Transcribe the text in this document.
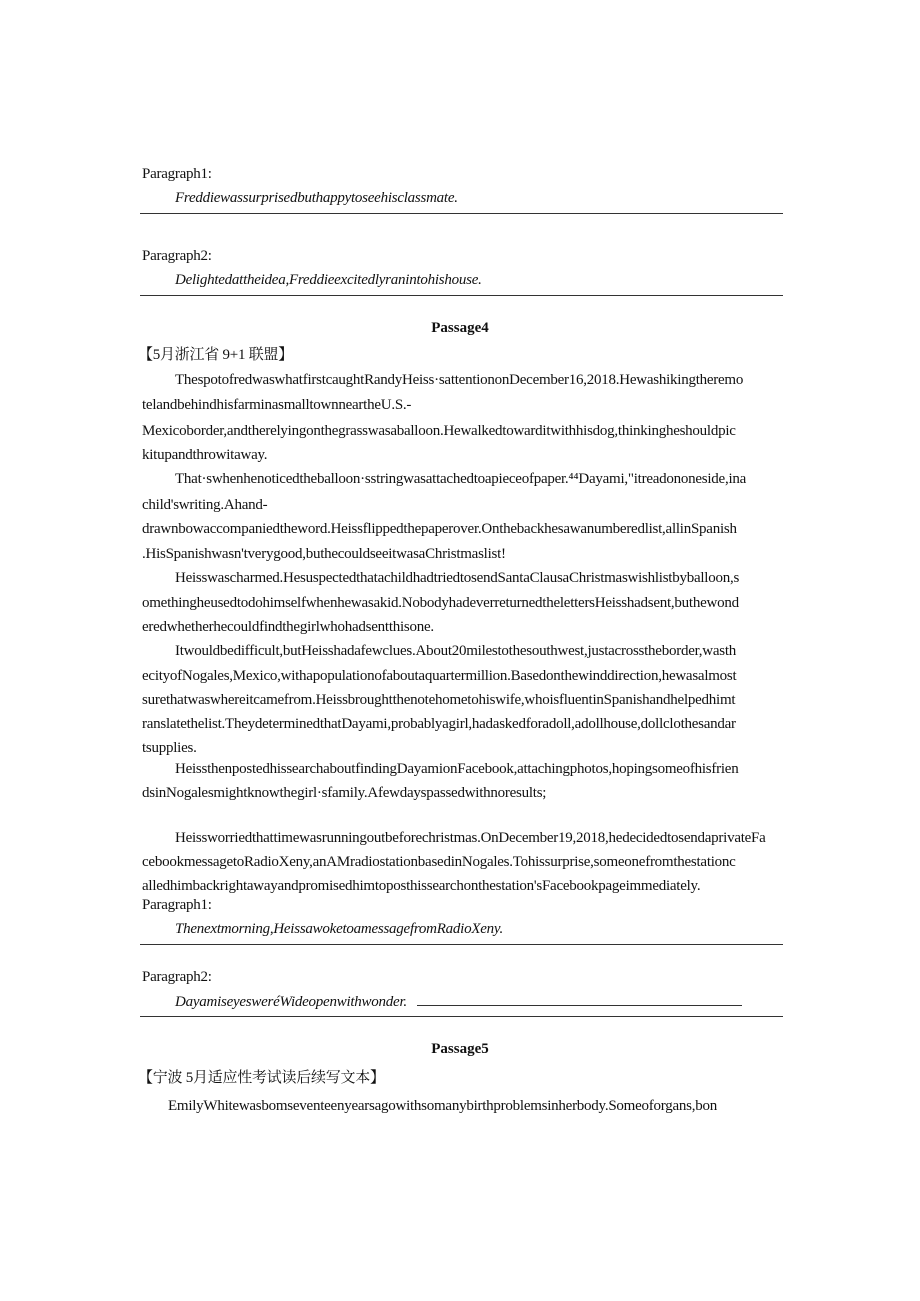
Paragraph1:
Freddiewassurprisedbuthappytoseehisclassmate.
Paragraph2:
Delightedattheidea,Freddieexcitedlyranintohishouse.
Passage4
【5月浙江省 9+1 联盟】
ThespotofredwaswhatfirstcaughtRandyHeiss·sattentiononDecember16,2018.Hewashikingtheremo
telandbehindhisfarminasmalltownneartheU.S.-
Mexicoborder,andtherelyingonthegrasswasaballoon.Hewalkedtowarditwithhisdog,thinkingheshouldpic
kitupandthrowitaway.
That·swhenhenoticedtheballoon·sstringwasattachedtoapieceofpaper.⁴⁴Dayami,"itreadononeside,ina
child'swriting.Ahand-
drawnbowaccompaniedtheword.Heissflippedthepaperover.Onthebackhesawanumberedlist,allinSpanish
.HisSpanishwasn'tverygood,buthecouldseeitwasaChristmaslist!
Heisswascharmed.HesuspectedthatachildhadtriedtosendSantaClausaChristmaswishlistbyballoon,s
omethingheusedtodohimselfwhenhewasakid.NobodyhadeverreturnedthelettersHeisshadsent,buthewond
eredwhetherhecouldfindthegirlwhohadsentthisone.
Itwouldbedifficult,butHeisshadafewclues.About20milestothesouthwest,justacrosstheborder,wasth
ecityofNogales,Mexico,withapopulationofaboutaquartermillion.Basedonthewinddirection,hewasalmost
surethatwaswhereitcamefrom.Heissbroughtthenotehometohiswife,whoisfluentinSpanishandhelpedhimt
ranslatethelist.TheydeterminedthatDayami,probablyagirl,hadaskedforadoll,adollhouse,dollclothesandar
tsupplies.
HeissthenpostedhissearchaboutfindingDayamionFacebook,attachingphotos,hopingsomeofhisfrien
dsinNogalesmightknowthegirl·sfamily.Afewdayspassedwithnoresults;
Heissworriedthattimewasrunningoutbeforechristmas.OnDecember19,2018,hedecidedtosendaprivateFa
cebookmessagetoRadioXeny,anAMradiostationbasedinNogales.Tohissurprise,someonefromthestationc
alledhimbackrightawayandpromisedhimtoposthissearchonthestation'sFacebookpageimmediately.
Paragraph1:
Thenextmorning,HeissawoketoamessagefromRadioXeny.
Paragraph2:
DayamiseyesweréWideopenwithwonder.
Passage5
【宁波 5月适应性考试读后续写文本】
EmilyWhitewasbomseventeenyearsagowithsomanybirthproblemsinherbody.Someoforgans,bon
